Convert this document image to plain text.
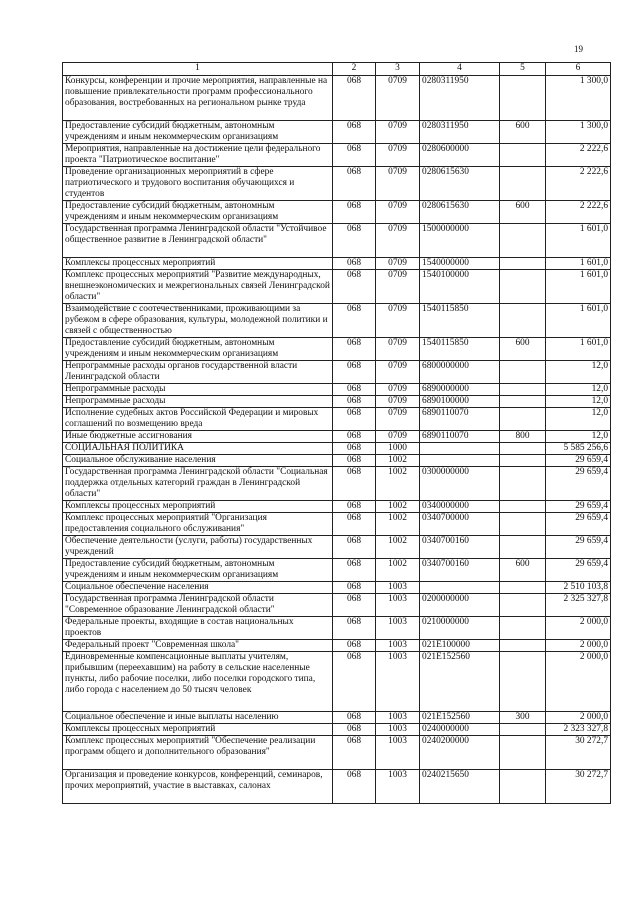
19
1	2	3	4	5	6
Конкурсы, конференции и прочие мероприятия, направленные на повышение привлекательности программ профессионального образования, востребованных на региональном рынке труда	068	0709	0280311950		1 300,0
Предоставление субсидий бюджетным, автономным учреждениям и иным некоммерческим организациям	068	0709	0280311950	600	1 300,0
Мероприятия, направленные на достижение цели федерального проекта "Патриотическое воспитание"	068	0709	0280600000		2 222,6
Проведение организационных мероприятий в сфере патриотического и трудового воспитания обучающихся и студентов	068	0709	0280615630		2 222,6
Предоставление субсидий бюджетным, автономным учреждениям и иным некоммерческим организациям	068	0709	0280615630	600	2 222,6
Государственная программа Ленинградской области "Устойчивое общественное развитие в Ленинградской области"	068	0709	1500000000		1 601,0
Комплексы процессных мероприятий	068	0709	1540000000		1 601,0
Комплекс процессных мероприятий "Развитие международных, внешнеэкономических и межрегиональных связей Ленинградской области"	068	0709	1540100000		1 601,0
Взаимодействие с соотечественниками, проживающими за рубежом в сфере образования, культуры, молодежной политики и связей с общественностью	068	0709	1540115850		1 601,0
Предоставление субсидий бюджетным, автономным учреждениям и иным некоммерческим организациям	068	0709	1540115850	600	1 601,0
Непрограммные расходы органов государственной власти Ленинградской области	068	0709	6800000000		12,0
Непрограммные расходы	068	0709	6890000000		12,0
Непрограммные расходы	068	0709	6890100000		12,0
Исполнение судебных актов Российской Федерации и мировых соглашений по возмещению вреда	068	0709	6890110070		12,0
Иные бюджетные ассигнования	068	0709	6890110070	800	12,0
СОЦИАЛЬНАЯ ПОЛИТИКА	068	1000			5 585 256,6
Социальное обслуживание населения	068	1002			29 659,4
Государственная программа Ленинградской области "Социальная поддержка отдельных категорий граждан в Ленинградской области"	068	1002	0300000000		29 659,4
Комплексы процессных мероприятий	068	1002	0340000000		29 659,4
Комплекс процессных мероприятий "Организация предоставления социального обслуживания"	068	1002	0340700000		29 659,4
Обеспечение деятельности (услуги, работы) государственных учреждений	068	1002	0340700160		29 659,4
Предоставление субсидий бюджетным, автономным учреждениям и иным некоммерческим организациям	068	1002	0340700160	600	29 659,4
Социальное обеспечение населения	068	1003			2 510 103,8
Государственная программа Ленинградской области "Современное образование Ленинградской области"	068	1003	0200000000		2 325 327,8
Федеральные проекты, входящие в состав национальных проектов	068	1003	0210000000		2 000,0
Федеральный проект "Современная школа"	068	1003	021E100000		2 000,0
Единовременные компенсационные выплаты учителям, прибывшим (переехавшим) на работу в сельские населенные пункты, либо рабочие поселки, либо поселки городского типа, либо города с населением до 50 тысяч человек	068	1003	021E152560		2 000,0
Социальное обеспечение и иные выплаты населению	068	1003	021E152560	300	2 000,0
Комплексы процессных мероприятий	068	1003	0240000000		2 323 327,8
Комплекс процессных мероприятий "Обеспечение реализации программ общего и дополнительного образования"	068	1003	0240200000		30 272,7
Организация и проведение конкурсов, конференций, семинаров, прочих мероприятий, участие в выставках, салонах	068	1003	0240215650		30 272,7
